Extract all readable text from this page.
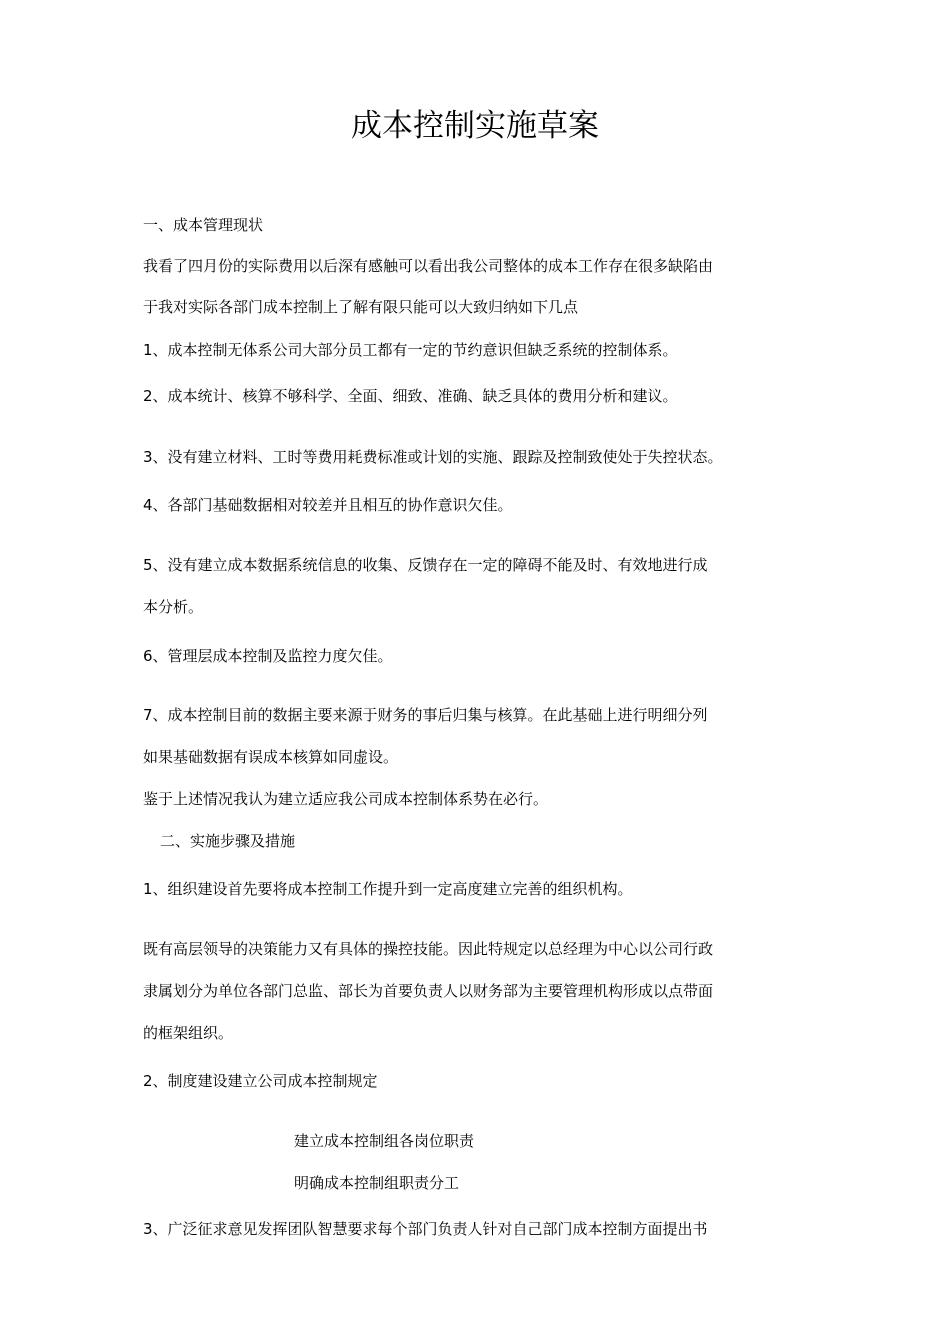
成本控制实施草案
一、成本管理现状
我看了四月份的实际费用以后深有感触可以看出我公司整体的成本工作存在很多缺陷由
于我对实际各部门成本控制上了解有限只能可以大致归纳如下几点
1、成本控制无体系公司大部分员工都有一定的节约意识但缺乏系统的控制体系。
2、成本统计、核算不够科学、全面、细致、准确、缺乏具体的费用分析和建议。
3、没有建立材料、工时等费用耗费标准或计划的实施、跟踪及控制致使处于失控状态。
4、各部门基础数据相对较差并且相互的协作意识欠佳。
5、没有建立成本数据系统信息的收集、反馈存在一定的障碍不能及时、有效地进行成
本分析。
6、管理层成本控制及监控力度欠佳。
7、成本控制目前的数据主要来源于财务的事后归集与核算。在此基础上进行明细分列
如果基础数据有误成本核算如同虚设。
鉴于上述情况我认为建立适应我公司成本控制体系势在必行。
二、实施步骤及措施
1、组织建设首先要将成本控制工作提升到一定高度建立完善的组织机构。
既有高层领导的决策能力又有具体的操控技能。因此特规定以总经理为中心以公司行政
隶属划分为单位各部门总监、部长为首要负责人以财务部为主要管理机构形成以点带面
的框架组织。
2、制度建设建立公司成本控制规定
建立成本控制组各岗位职责
明确成本控制组职责分工
3、广泛征求意见发挥团队智慧要求每个部门负责人针对自己部门成本控制方面提出书
